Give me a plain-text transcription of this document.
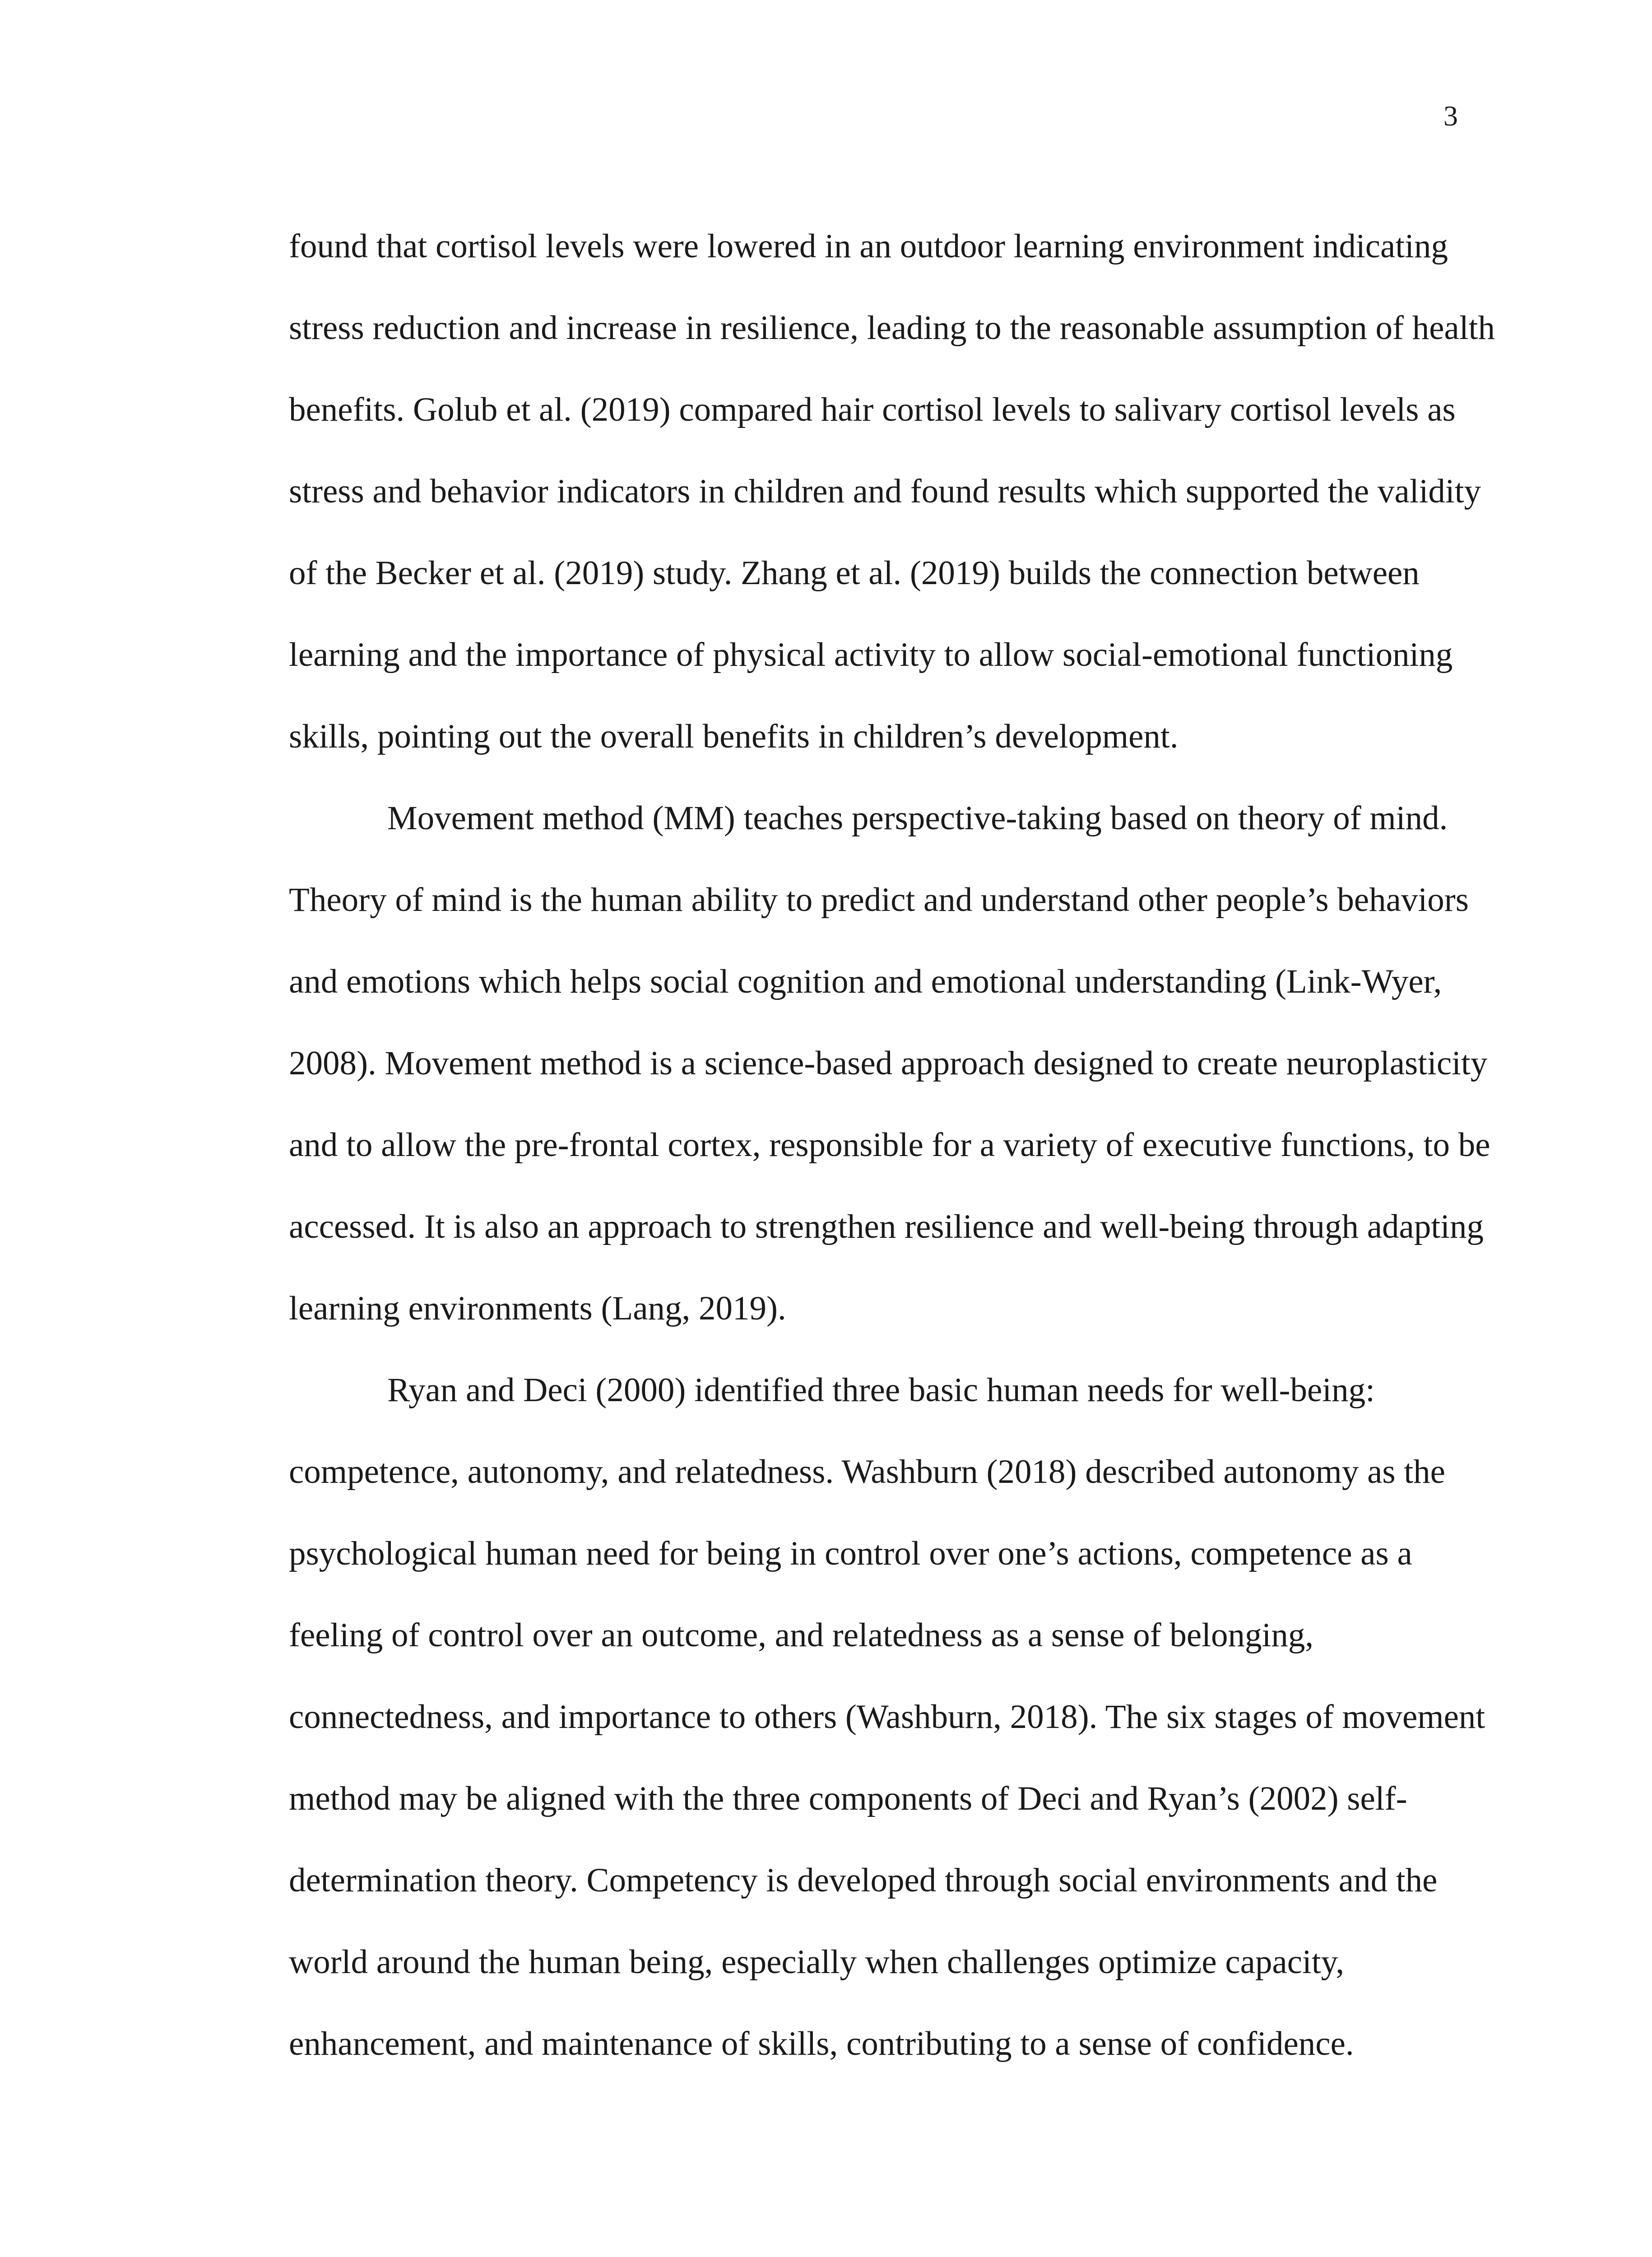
3
found that cortisol levels were lowered in an outdoor learning environment indicating
stress reduction and increase in resilience, leading to the reasonable assumption of health
benefits. Golub et al. (2019) compared hair cortisol levels to salivary cortisol levels as
stress and behavior indicators in children and found results which supported the validity
of the Becker et al. (2019) study. Zhang et al. (2019) builds the connection between
learning and the importance of physical activity to allow social-emotional functioning
skills, pointing out the overall benefits in children’s development.
Movement method (MM) teaches perspective-taking based on theory of mind.
Theory of mind is the human ability to predict and understand other people’s behaviors
and emotions which helps social cognition and emotional understanding (Link-Wyer,
2008). Movement method is a science-based approach designed to create neuroplasticity
and to allow the pre-frontal cortex, responsible for a variety of executive functions, to be
accessed. It is also an approach to strengthen resilience and well-being through adapting
learning environments (Lang, 2019).
Ryan and Deci (2000) identified three basic human needs for well-being:
competence, autonomy, and relatedness. Washburn (2018) described autonomy as the
psychological human need for being in control over one’s actions, competence as a
feeling of control over an outcome, and relatedness as a sense of belonging,
connectedness, and importance to others (Washburn, 2018). The six stages of movement
method may be aligned with the three components of Deci and Ryan’s (2002) self-
determination theory. Competency is developed through social environments and the
world around the human being, especially when challenges optimize capacity,
enhancement, and maintenance of skills, contributing to a sense of confidence.
